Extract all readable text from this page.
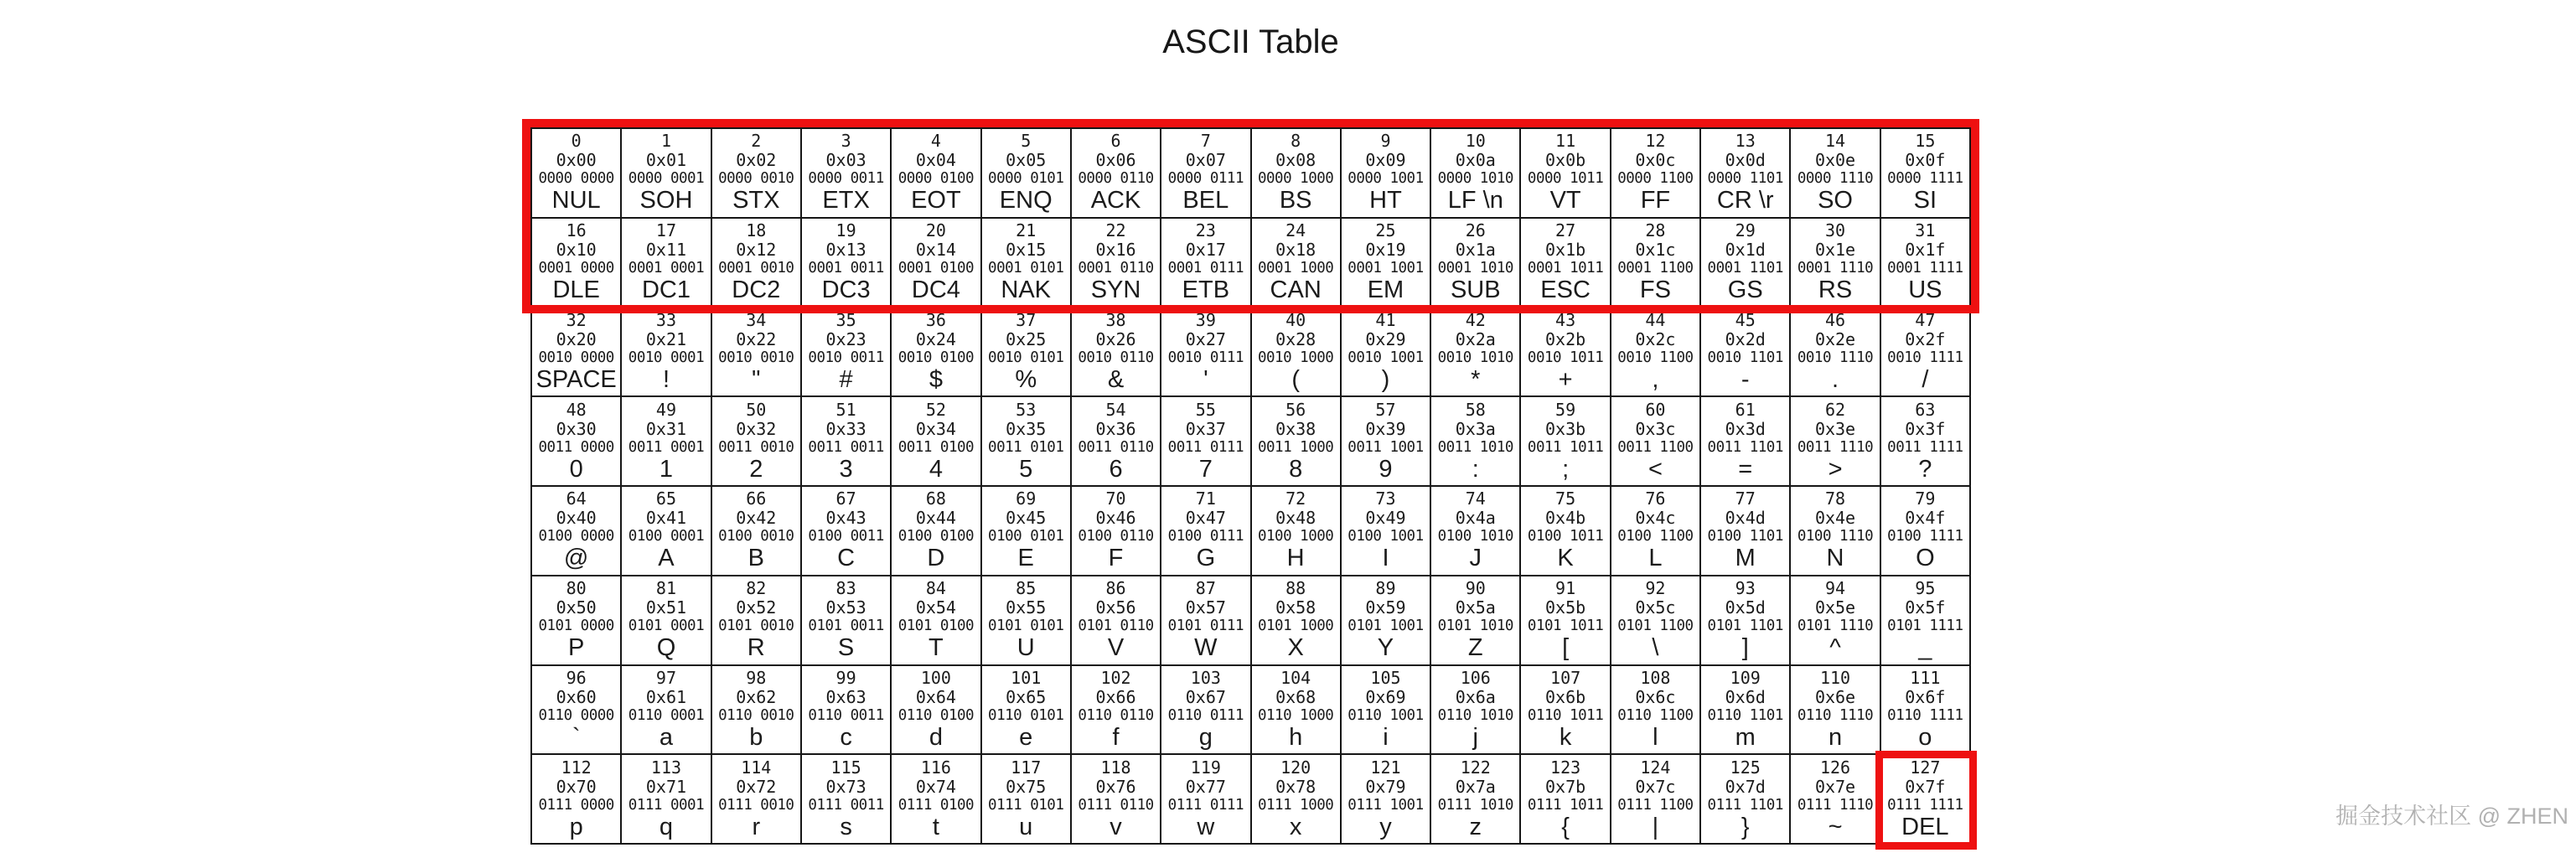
ASCII Table
0
0x00
0000 0000
NUL
1
0x01
0000 0001
SOH
2
0x02
0000 0010
STX
3
0x03
0000 0011
ETX
4
0x04
0000 0100
EOT
5
0x05
0000 0101
ENQ
6
0x06
0000 0110
ACK
7
0x07
0000 0111
BEL
8
0x08
0000 1000
BS
9
0x09
0000 1001
HT
10
0x0a
0000 1010
LF \n
11
0x0b
0000 1011
VT
12
0x0c
0000 1100
FF
13
0x0d
0000 1101
CR \r
14
0x0e
0000 1110
SO
15
0x0f
0000 1111
SI
16
0x10
0001 0000
DLE
17
0x11
0001 0001
DC1
18
0x12
0001 0010
DC2
19
0x13
0001 0011
DC3
20
0x14
0001 0100
DC4
21
0x15
0001 0101
NAK
22
0x16
0001 0110
SYN
23
0x17
0001 0111
ETB
24
0x18
0001 1000
CAN
25
0x19
0001 1001
EM
26
0x1a
0001 1010
SUB
27
0x1b
0001 1011
ESC
28
0x1c
0001 1100
FS
29
0x1d
0001 1101
GS
30
0x1e
0001 1110
RS
31
0x1f
0001 1111
US
32
0x20
0010 0000
SPACE
33
0x21
0010 0001
!
34
0x22
0010 0010
"
35
0x23
0010 0011
#
36
0x24
0010 0100
$
37
0x25
0010 0101
%
38
0x26
0010 0110
&
39
0x27
0010 0111
'
40
0x28
0010 1000
(
41
0x29
0010 1001
)
42
0x2a
0010 1010
*
43
0x2b
0010 1011
+
44
0x2c
0010 1100
,
45
0x2d
0010 1101
-
46
0x2e
0010 1110
.
47
0x2f
0010 1111
/
48
0x30
0011 0000
0
49
0x31
0011 0001
1
50
0x32
0011 0010
2
51
0x33
0011 0011
3
52
0x34
0011 0100
4
53
0x35
0011 0101
5
54
0x36
0011 0110
6
55
0x37
0011 0111
7
56
0x38
0011 1000
8
57
0x39
0011 1001
9
58
0x3a
0011 1010
:
59
0x3b
0011 1011
;
60
0x3c
0011 1100
<
61
0x3d
0011 1101
=
62
0x3e
0011 1110
>
63
0x3f
0011 1111
?
64
0x40
0100 0000
@
65
0x41
0100 0001
A
66
0x42
0100 0010
B
67
0x43
0100 0011
C
68
0x44
0100 0100
D
69
0x45
0100 0101
E
70
0x46
0100 0110
F
71
0x47
0100 0111
G
72
0x48
0100 1000
H
73
0x49
0100 1001
I
74
0x4a
0100 1010
J
75
0x4b
0100 1011
K
76
0x4c
0100 1100
L
77
0x4d
0100 1101
M
78
0x4e
0100 1110
N
79
0x4f
0100 1111
O
80
0x50
0101 0000
P
81
0x51
0101 0001
Q
82
0x52
0101 0010
R
83
0x53
0101 0011
S
84
0x54
0101 0100
T
85
0x55
0101 0101
U
86
0x56
0101 0110
V
87
0x57
0101 0111
W
88
0x58
0101 1000
X
89
0x59
0101 1001
Y
90
0x5a
0101 1010
Z
91
0x5b
0101 1011
[
92
0x5c
0101 1100
\
93
0x5d
0101 1101
]
94
0x5e
0101 1110
^
95
0x5f
0101 1111
_
96
0x60
0110 0000
`
97
0x61
0110 0001
a
98
0x62
0110 0010
b
99
0x63
0110 0011
c
100
0x64
0110 0100
d
101
0x65
0110 0101
e
102
0x66
0110 0110
f
103
0x67
0110 0111
g
104
0x68
0110 1000
h
105
0x69
0110 1001
i
106
0x6a
0110 1010
j
107
0x6b
0110 1011
k
108
0x6c
0110 1100
l
109
0x6d
0110 1101
m
110
0x6e
0110 1110
n
111
0x6f
0110 1111
o
112
0x70
0111 0000
p
113
0x71
0111 0001
q
114
0x72
0111 0010
r
115
0x73
0111 0011
s
116
0x74
0111 0100
t
117
0x75
0111 0101
u
118
0x76
0111 0110
v
119
0x77
0111 0111
w
120
0x78
0111 1000
x
121
0x79
0111 1001
y
122
0x7a
0111 1010
z
123
0x7b
0111 1011
{
124
0x7c
0111 1100
|
125
0x7d
0111 1101
}
126
0x7e
0111 1110
~
127
0x7f
0111 1111
DEL	掘金技术社区 @ ZHEN
